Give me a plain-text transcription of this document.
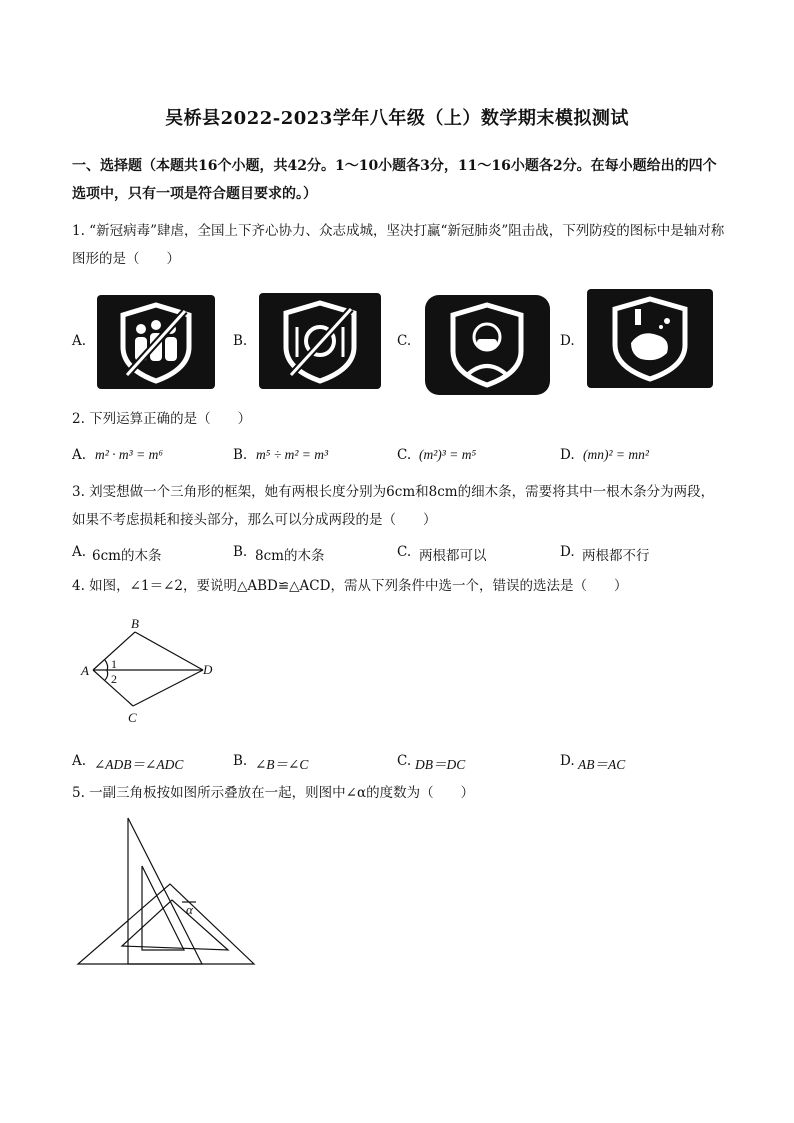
吴桥县2022-2023学年八年级（上）数学期末模拟测试
一、选择题（本题共16个小题，共42分。1～10小题各3分，11～16小题各2分。在每小题给出的四个选项中，只有一项是符合题目要求的。）
1. “新冠病毒”肆虐，全国上下齐心协力、众志成城，坚决打赢“新冠肺炎”阻击战，下列防疫的图标中是轴对称图形的是（　　）
A.	B.	C.	D.
2. 下列运算正确的是（　　）
A. m² · m³ = m⁶	B. m⁵ ÷ m² = m³	C. (m²)³ = m⁵	D. (mn)² = mn²
3. 刘雯想做一个三角形的框架，她有两根长度分别为6cm和8cm的细木条，需要将其中一根木条分为两段，如果不考虑损耗和接头部分，那么可以分成两段的是（　　）
A. 6cm的木条	B. 8cm的木条	C. 两根都可以	D. 两根都不行
4. 如图，∠1＝∠2，要说明△ABD≌△ACD，需从下列条件中选一个，错误的选法是（　　）
A
B
C
D
1
2
A. ∠ADB＝∠ADC	B. ∠B＝∠C	C. DB＝DC	D. AB＝AC
5. 一副三角板按如图所示叠放在一起，则图中∠α的度数为（　　）
α
